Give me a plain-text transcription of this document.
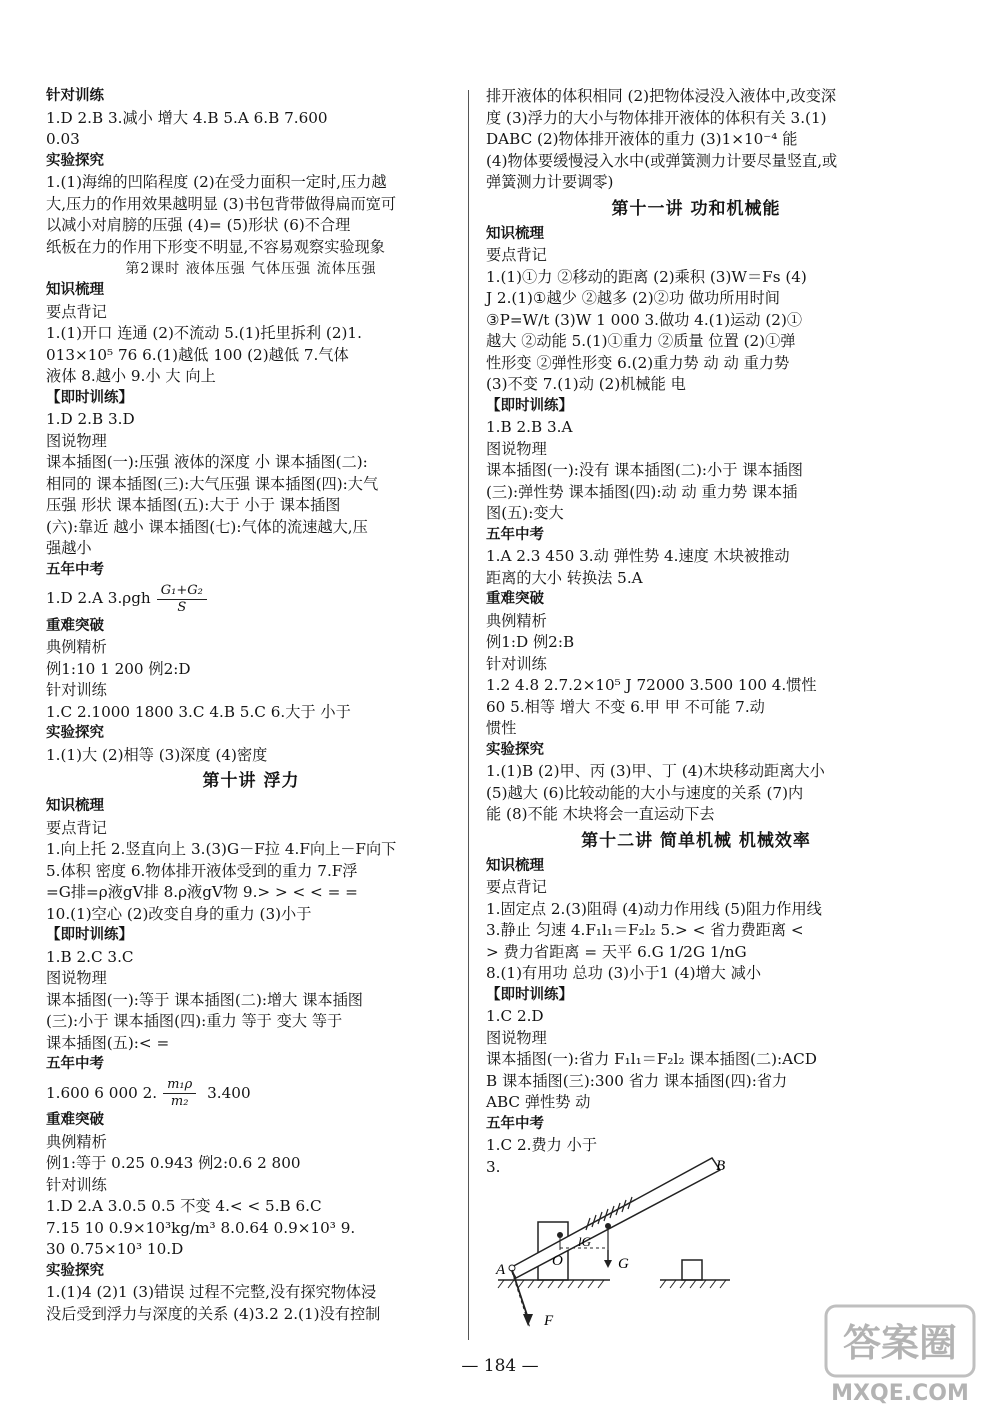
针对训练

1.D 2.B 3.减小 增大 4.B 5.A 6.B 7.600

0.03

实验探究

1.(1)海绵的凹陷程度 (2)在受力面积一定时,压力越

大,压力的作用效果越明显 (3)书包背带做得扁而宽可

以减小对肩膀的压强 (4)= (5)形状 (6)不合理

纸板在力的作用下形变不明显,不容易观察实验现象

第2课时 液体压强 气体压强 流体压强

知识梳理

要点背记

1.(1)开口 连通 (2)不流动 5.(1)托里拆利 (2)1.

013×10⁵ 76 6.(1)越低 100 (2)越低 7.气体

液体 8.越小 9.小 大 向上

【即时训练】

1.D 2.B 3.D

图说物理

课本插图(一):压强 液体的深度 小 课本插图(二):

相同的 课本插图(三):大气压强 课本插图(四):大气

压强 形状 课本插图(五):大于 小于 课本插图

(六):靠近 越小 课本插图(七):气体的流速越大,压

强越小

五年中考

1.D 2.A $3.\rho gh \frac{\text{G₁+G₂}}{S}$

重难突破

典例精析

例1:10 1 200 例2:D

针对训练

1.C 2.1000 1800 3.C 4.B 5.C 6.大于 小于

实验探究

1.(1)大 (2)相等 (3)深度 (4)密度

第十讲 浮力

知识梳理

要点背记

1.向上托 2.竖直向上 3.(3)G－F拉 4.F向上－F向下

5.体积 密度 6.物体排开液体受到的重力 7.F浮

=G排=ρ液gV排 8.ρ液gV物 9.> > < < = =

10.(1)空心 (2)改变自身的重力 (3)小于

【即时训练】

1.B 2.C 3.C

图说物理

课本插图(一):等于 课本插图(二):增大 课本插图

(三):小于 课本插图(四):重力 等于 变大 等于

课本插图(五):< =

五年中考

1.600 6 000 2. $\frac{\text{m₁ρ}}{\text{m₂}} 3.400$

重难突破

典例精析

例1:等于 0.25 0.943 例2:0.6 2 800

针对训练

1.D 2.A 3.0.5 0.5 不变 4.< < 5.B 6.C

7.15 10 0.9×10³kg/m³ 8.0.64 0.9×10³ 9.

30 0.75×10³ 10.D

实验探究

1.(1)4 (2)1 (3)错误 过程不完整,没有探究物体浸

没后受到浮力与深度的关系 (4)3.2 2.(1)没有控制

排开液体的体积相同 (2)把物体浸没入液体中,改变深

度 (3)浮力的大小与物体排开液体的体积有关 3.(1)

DABC (2)物体排开液体的重力 (3)1×10⁻⁴ 能

(4)物体要缓慢浸入水中(或弹簧测力计要尽量竖直,或

弹簧测力计要调零)

第十一讲 功和机械能

知识梳理

要点背记

1.(1)①力 ②移动的距离 (2)乘积 (3)W＝Fs (4)

J 2.(1)①越少 ②越多 (2)②功 做功所用时间

③P=W/t (3)W 1 000 3.做功 4.(1)运动 (2)①

越大 ②动能 5.(1)①重力 ②质量 位置 (2)①弹

性形变 ②弹性形变 6.(2)重力势 动 动 重力势

(3)不变 7.(1)动 (2)机械能 电

【即时训练】

1.B 2.B 3.A

图说物理

课本插图(一):没有 课本插图(二):小于 课本插图

(三):弹性势 课本插图(四):动 动 重力势 课本插

图(五):变大

五年中考

1.A 2.3 450 3.动 弹性势 4.速度 木块被推动

距离的大小 转换法 5.A

重难突破

典例精析

例1:D 例2:B

针对训练

1.2 4.8 2.7.2×10⁵ J 72000 3.500 100 4.惯性

60 5.相等 增大 不变 6.甲 甲 不可能 7.动

惯性

实验探究

1.(1)B (2)甲、丙 (3)甲、丁 (4)木块移动距离大小

(5)越大 (6)比较动能的大小与速度的关系 (7)内

能 (8)不能 木块将会一直运动下去

第十二讲 简单机械 机械效率

知识梳理

要点背记

1.固定点 2.(3)阻碍 (4)动力作用线 (5)阻力作用线

3.静止 匀速 4.F₁l₁＝F₂l₂ 5.> < 省力费距离 <

> 费力省距离 = 天平 6.G 1/2G 1/nG

8.(1)有用功 总功 (3)小于1 (4)增大 减小

【即时训练】

1.C 2.D

图说物理

课本插图(一):省力 F₁l₁＝F₂l₂ 课本插图(二):ACD

B 课本插图(三):300 省力 课本插图(四):省力

ABC 弹性势 动

五年中考

1.C 2.费力 小于

3.	B
A
O
lG
G
F
— 184 —
答案圈
MXQE.COM
